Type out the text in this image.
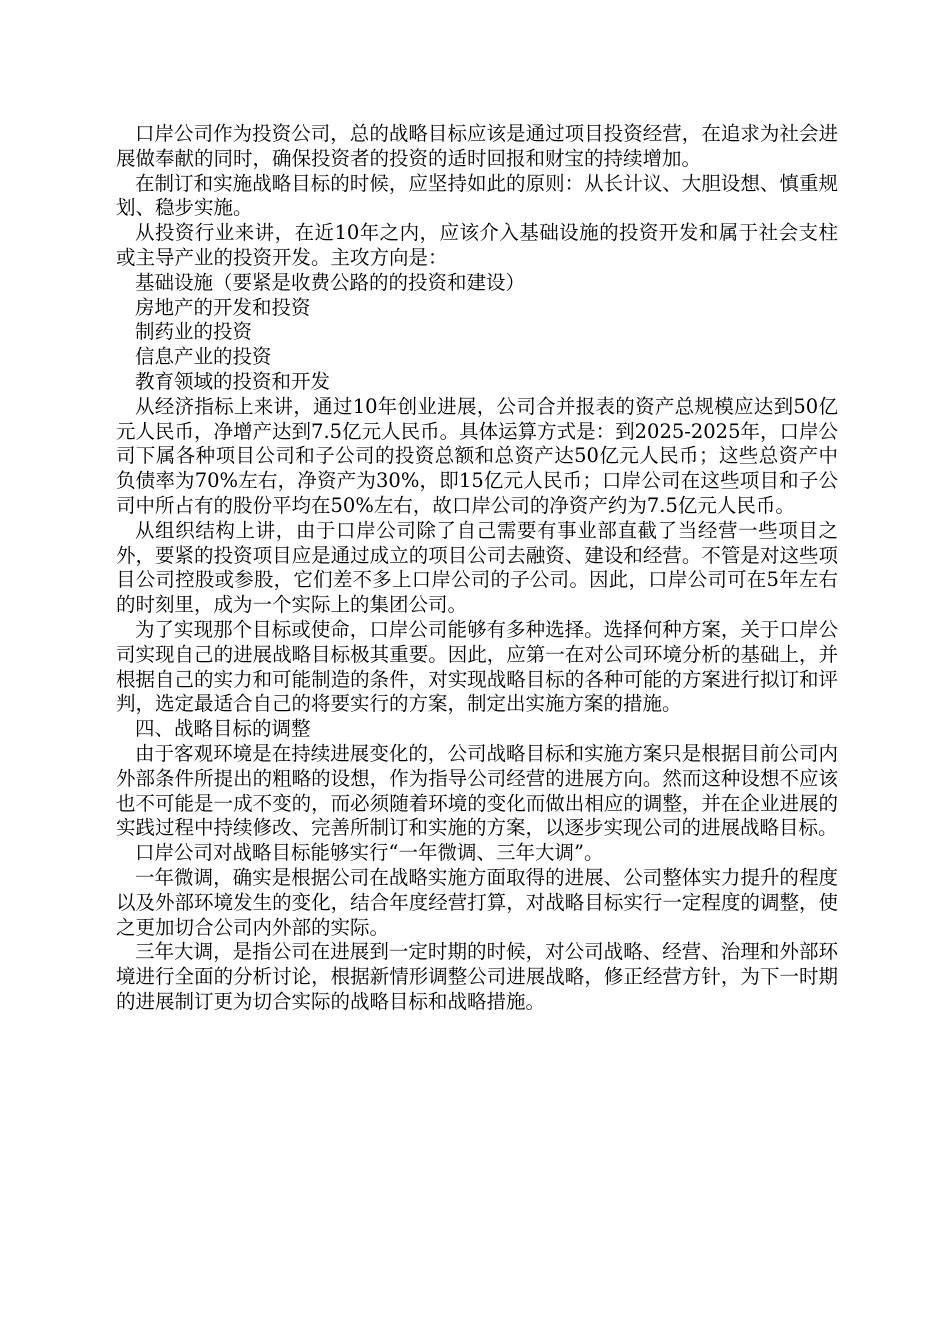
口岸公司作为投资公司，总的战略目标应该是通过项目投资经营，在追求为社会进展做奉献的同时，确保投资者的投资的适时回报和财宝的持续增加。

在制订和实施战略目标的时候，应坚持如此的原则：从长计议、大胆设想、慎重规划、稳步实施。

从投资行业来讲，在近10年之内，应该介入基础设施的投资开发和属于社会支柱或主导产业的投资开发。主攻方向是：

基础设施（要紧是收费公路的的投资和建设）

房地产的开发和投资

制药业的投资

信息产业的投资

教育领域的投资和开发

从经济指标上来讲，通过10年创业进展，公司合并报表的资产总规模应达到50亿元人民币，净增产达到7.5亿元人民币。具体运算方式是：到2025-2025年，口岸公司下属各种项目公司和子公司的投资总额和总资产达50亿元人民币；这些总资产中负债率为70%左右，净资产为30%，即15亿元人民币；口岸公司在这些项目和子公司中所占有的股份平均在50%左右，故口岸公司的净资产约为7.5亿元人民币。

从组织结构上讲，由于口岸公司除了自己需要有事业部直截了当经营一些项目之外，要紧的投资项目应是通过成立的项目公司去融资、建设和经营。不管是对这些项目公司控股或参股，它们差不多上口岸公司的子公司。因此，口岸公司可在5年左右的时刻里，成为一个实际上的集团公司。

为了实现那个目标或使命，口岸公司能够有多种选择。选择何种方案，关于口岸公司实现自己的进展战略目标极其重要。因此，应第一在对公司环境分析的基础上，并根据自己的实力和可能制造的条件，对实现战略目标的各种可能的方案进行拟订和评判，选定最适合自己的将要实行的方案，制定出实施方案的措施。

四、战略目标的调整

由于客观环境是在持续进展变化的，公司战略目标和实施方案只是根据目前公司内外部条件所提出的粗略的设想，作为指导公司经营的进展方向。然而这种设想不应该也不可能是一成不变的，而必须随着环境的变化而做出相应的调整，并在企业进展的实践过程中持续修改、完善所制订和实施的方案，以逐步实现公司的进展战略目标。

口岸公司对战略目标能够实行“一年微调、三年大调”。

一年微调，确实是根据公司在战略实施方面取得的进展、公司整体实力提升的程度以及外部环境发生的变化，结合年度经营打算，对战略目标实行一定程度的调整，使之更加切合公司内外部的实际。

三年大调，是指公司在进展到一定时期的时候，对公司战略、经营、治理和外部环境进行全面的分析讨论，根据新情形调整公司进展战略，修正经营方针，为下一时期的进展制订更为切合实际的战略目标和战略措施。
